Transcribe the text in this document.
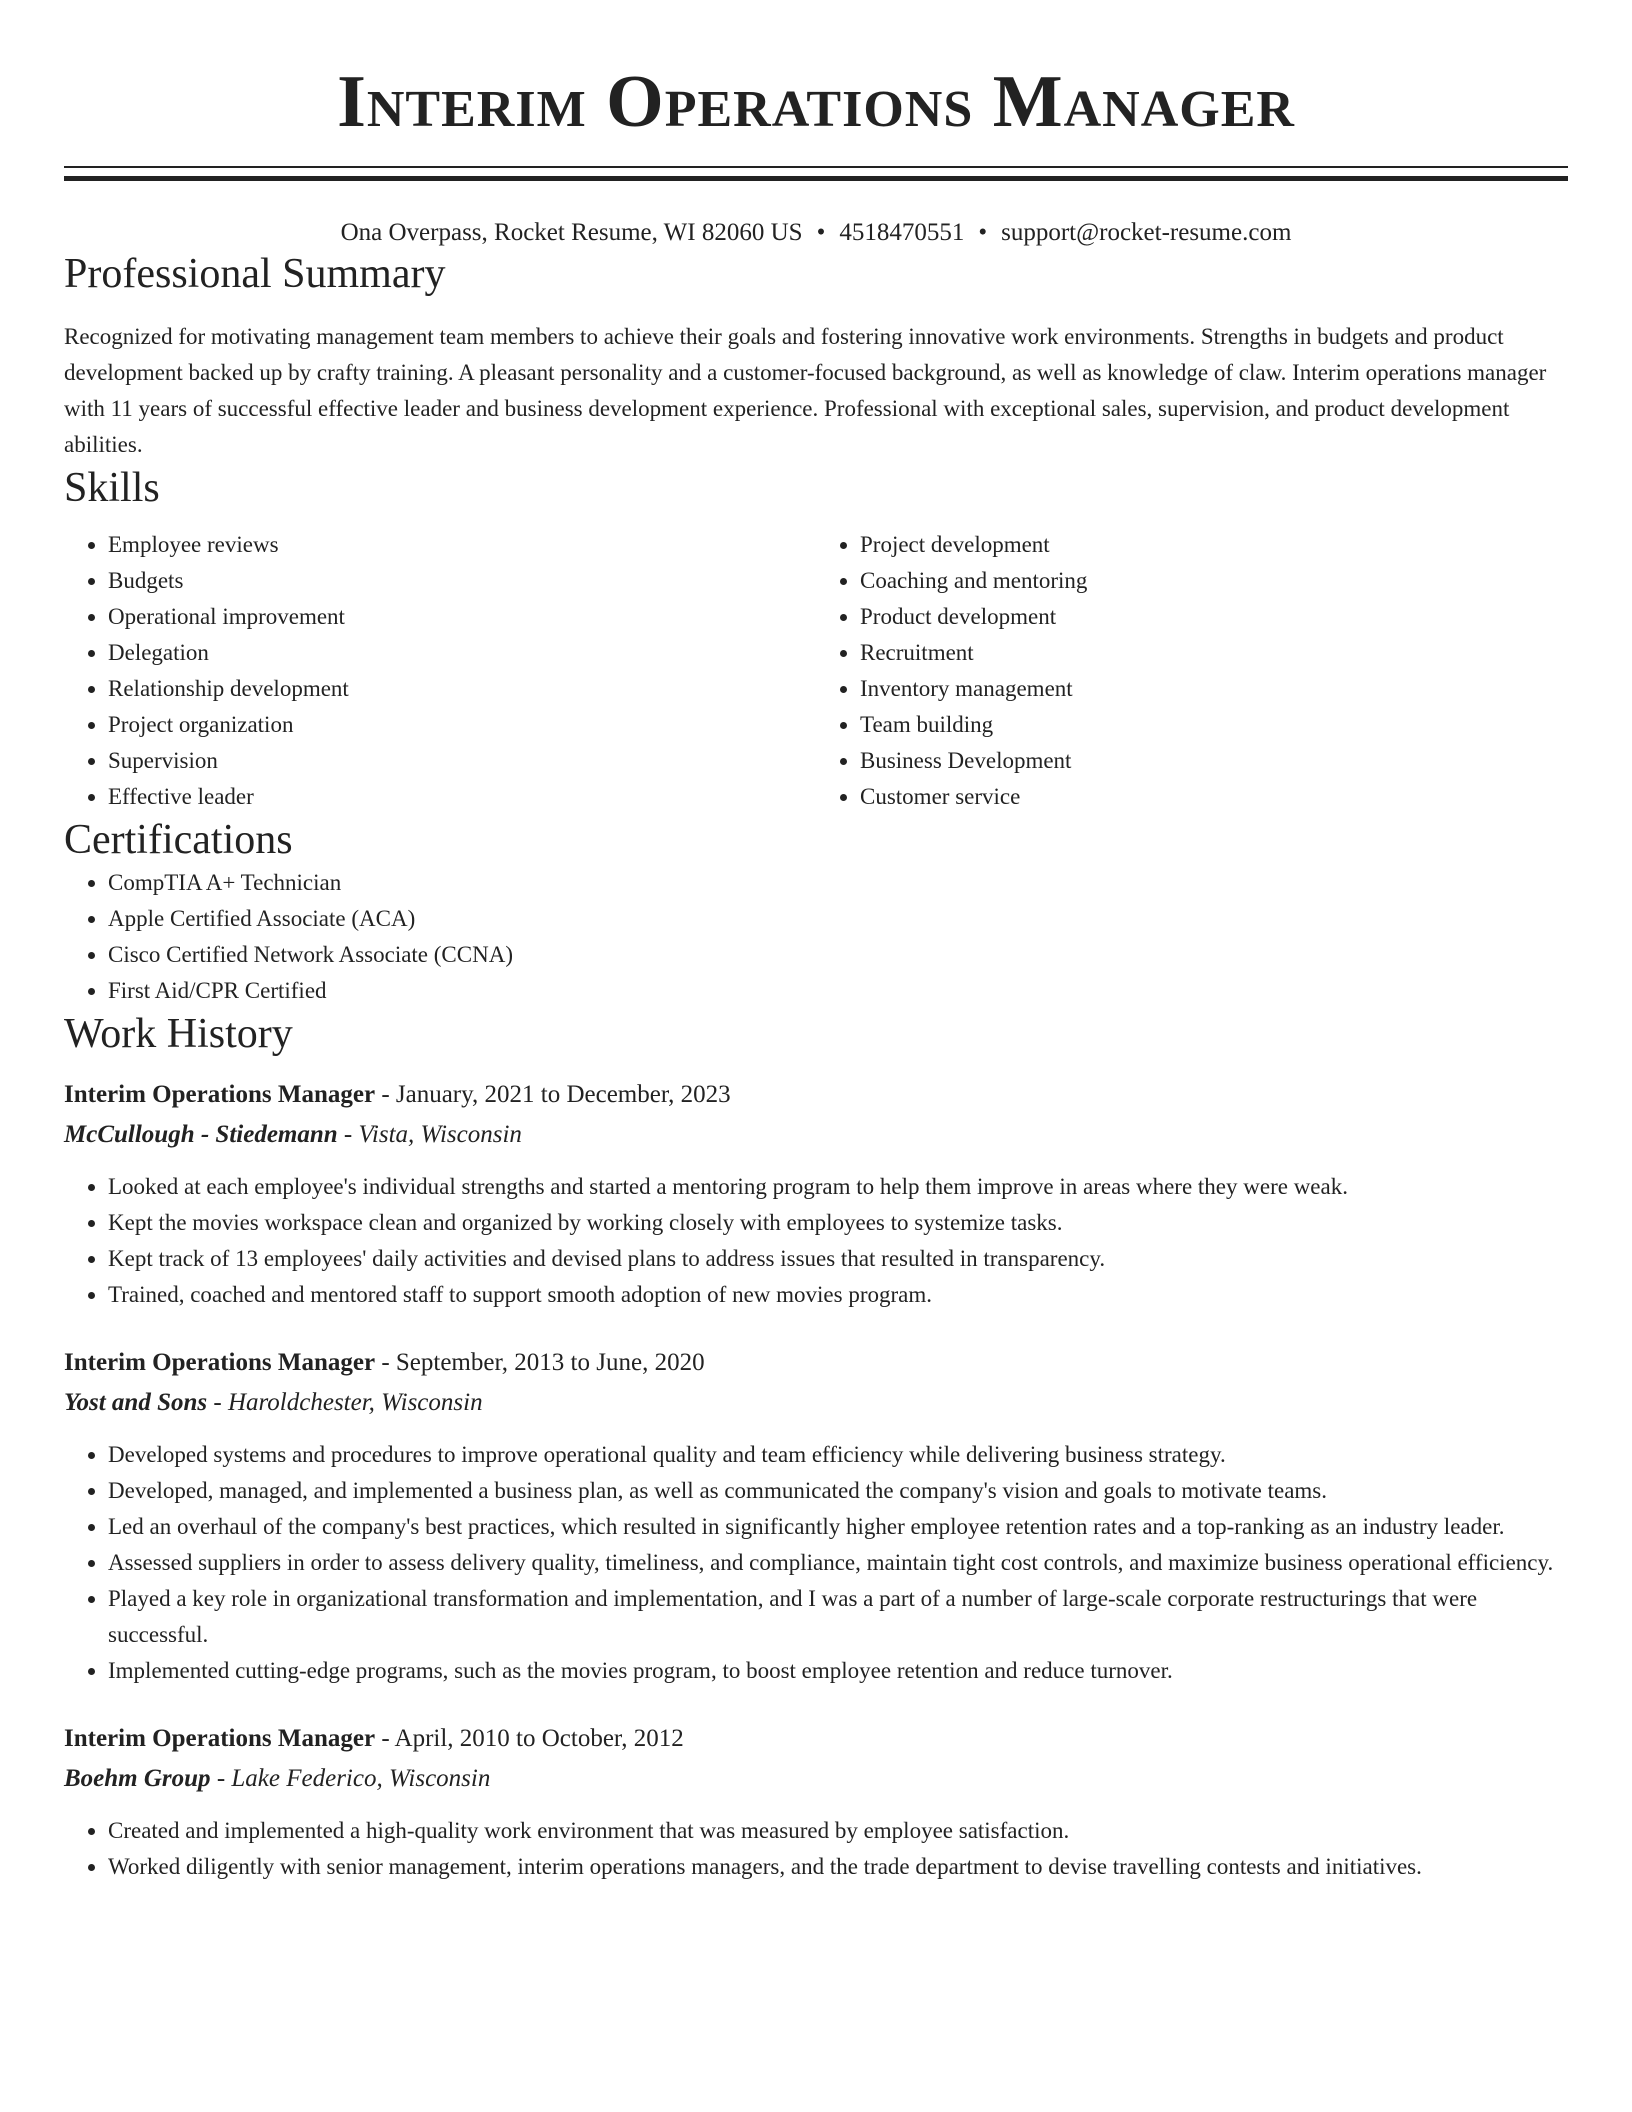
Interim Operations Manager
Ona Overpass, Rocket Resume, WI 82060 US • 4518470551 • support@rocket-resume.com
Professional Summary

Recognized for motivating management team members to achieve their goals and fostering innovative work environments. Strengths in budgets and product development backed up by crafty training. A pleasant personality and a customer-focused background, as well as knowledge of claw. Interim operations manager with 11 years of successful effective leader and business development experience. Professional with exceptional sales, supervision, and product development abilities.

Skills
• Employee reviews
• Budgets
• Operational improvement
• Delegation
• Relationship development
• Project organization
• Supervision
• Effective leader
• Project development
• Coaching and mentoring
• Product development
• Recruitment
• Inventory management
• Team building
• Business Development
• Customer service
Certifications
• CompTIA A+ Technician
• Apple Certified Associate (ACA)
• Cisco Certified Network Associate (CCNA)
• First Aid/CPR Certified
Work History
Interim Operations Manager - January, 2021 to December, 2023
McCullough - Stiedemann - Vista, Wisconsin
• Looked at each employee's individual strengths and started a mentoring program to help them improve in areas where they were weak.
• Kept the movies workspace clean and organized by working closely with employees to systemize tasks.
• Kept track of 13 employees' daily activities and devised plans to address issues that resulted in transparency.
• Trained, coached and mentored staff to support smooth adoption of new movies program.
Interim Operations Manager - September, 2013 to June, 2020
Yost and Sons - Haroldchester, Wisconsin
• Developed systems and procedures to improve operational quality and team efficiency while delivering business strategy.
• Developed, managed, and implemented a business plan, as well as communicated the company's vision and goals to motivate teams.
• Led an overhaul of the company's best practices, which resulted in significantly higher employee retention rates and a top-ranking as an industry leader.
• Assessed suppliers in order to assess delivery quality, timeliness, and compliance, maintain tight cost controls, and maximize business operational efficiency.
• Played a key role in organizational transformation and implementation, and I was a part of a number of large-scale corporate restructurings that were successful.
• Implemented cutting-edge programs, such as the movies program, to boost employee retention and reduce turnover.
Interim Operations Manager - April, 2010 to October, 2012
Boehm Group - Lake Federico, Wisconsin
• Created and implemented a high-quality work environment that was measured by employee satisfaction.
• Worked diligently with senior management, interim operations managers, and the trade department to devise travelling contests and initiatives.
